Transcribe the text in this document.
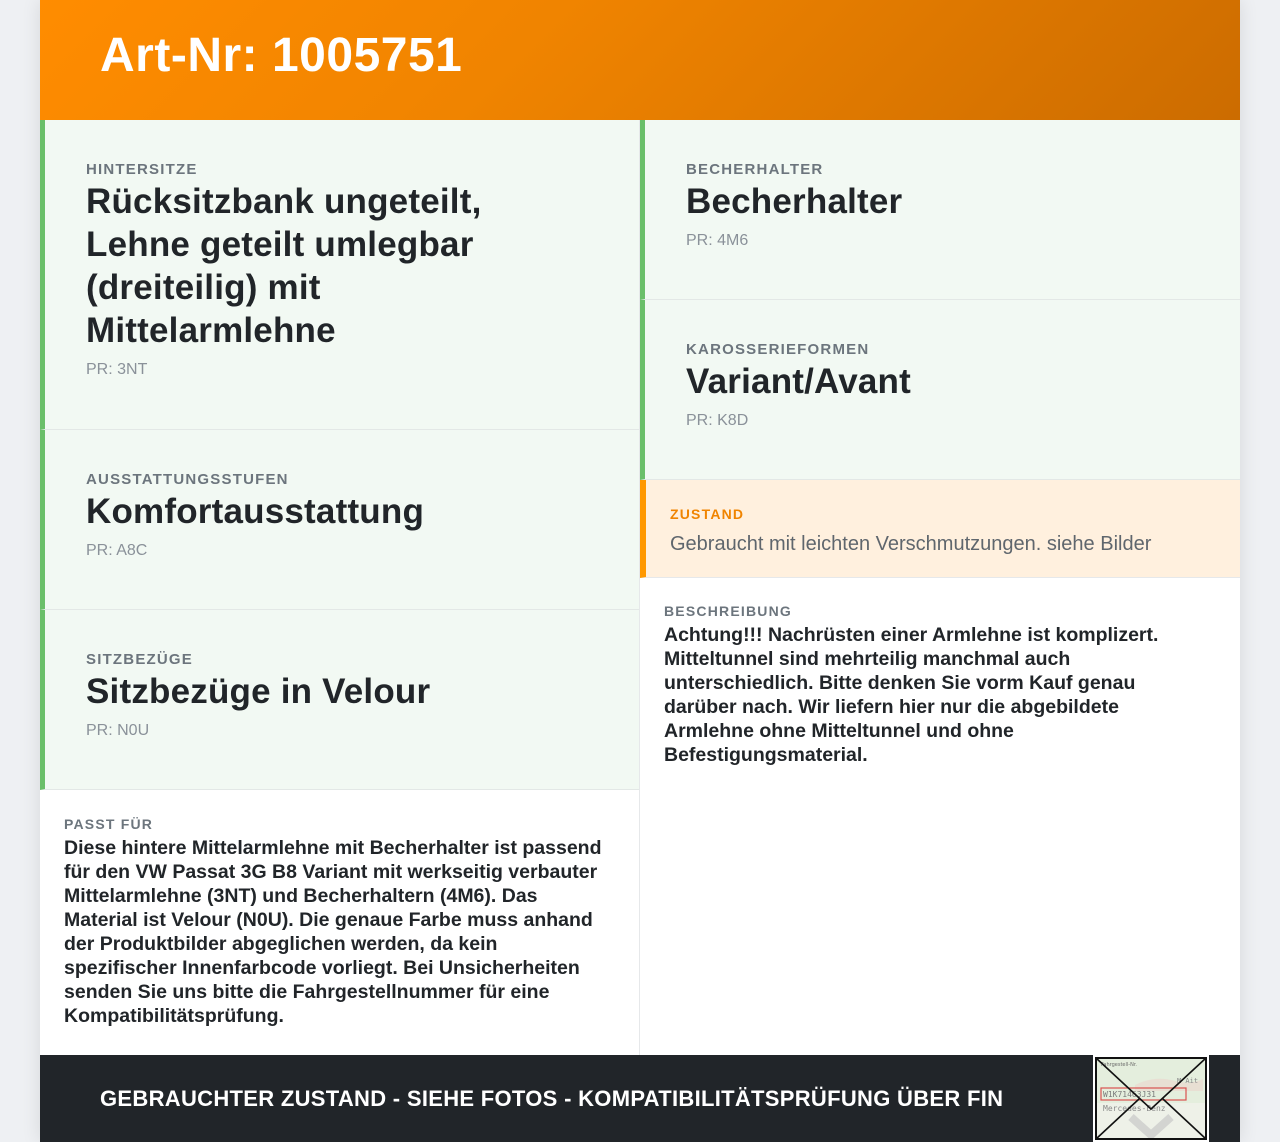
Art-Nr: 1005751
HINTERSITZE
Rücksitzbank ungeteilt, Lehne geteilt umlegbar (dreiteilig) mit Mittelarmlehne
PR: 3NT
AUSSTATTUNGSSTUFEN
Komfortausstattung
PR: A8C
SITZBEZÜGE
Sitzbezüge in Velour
PR: N0U
PASST FÜR
Diese hintere Mittelarmlehne mit Becherhalter ist passend für den VW Passat 3G B8 Variant mit werkseitig verbauter Mittelarmlehne (3NT) und Becherhaltern (4M6). Das Material ist Velour (N0U). Die genaue Farbe muss anhand der Produktbilder abgeglichen werden, da kein spezifischer Innenfarbcode vorliegt. Bei Unsicherheiten senden Sie uns bitte die Fahrgestellnummer für eine Kompatibilitätsprüfung.
BECHERHALTER
Becherhalter
PR: 4M6
KAROSSERIEFORMEN
Variant/Avant
PR: K8D
ZUSTAND
Gebraucht mit leichten Verschmutzungen. siehe Bilder
BESCHREIBUNG
Achtung!!! Nachrüsten einer Armlehne ist komplizert. Mitteltunnel sind mehrteilig manchmal auch unterschiedlich. Bitte denken Sie vorm Kauf genau darüber nach. Wir liefern hier nur die abgebildete Armlehne ohne Mitteltunnel und ohne Befestigungsmaterial.
GEBRAUCHTER ZUSTAND - SIEHE FOTOS - KOMPATIBILITÄTSPRÜFUNG ÜBER FIN
Fahrgestell-Nr.
M Ait
W1K71463J31
Mercedes-Benz
